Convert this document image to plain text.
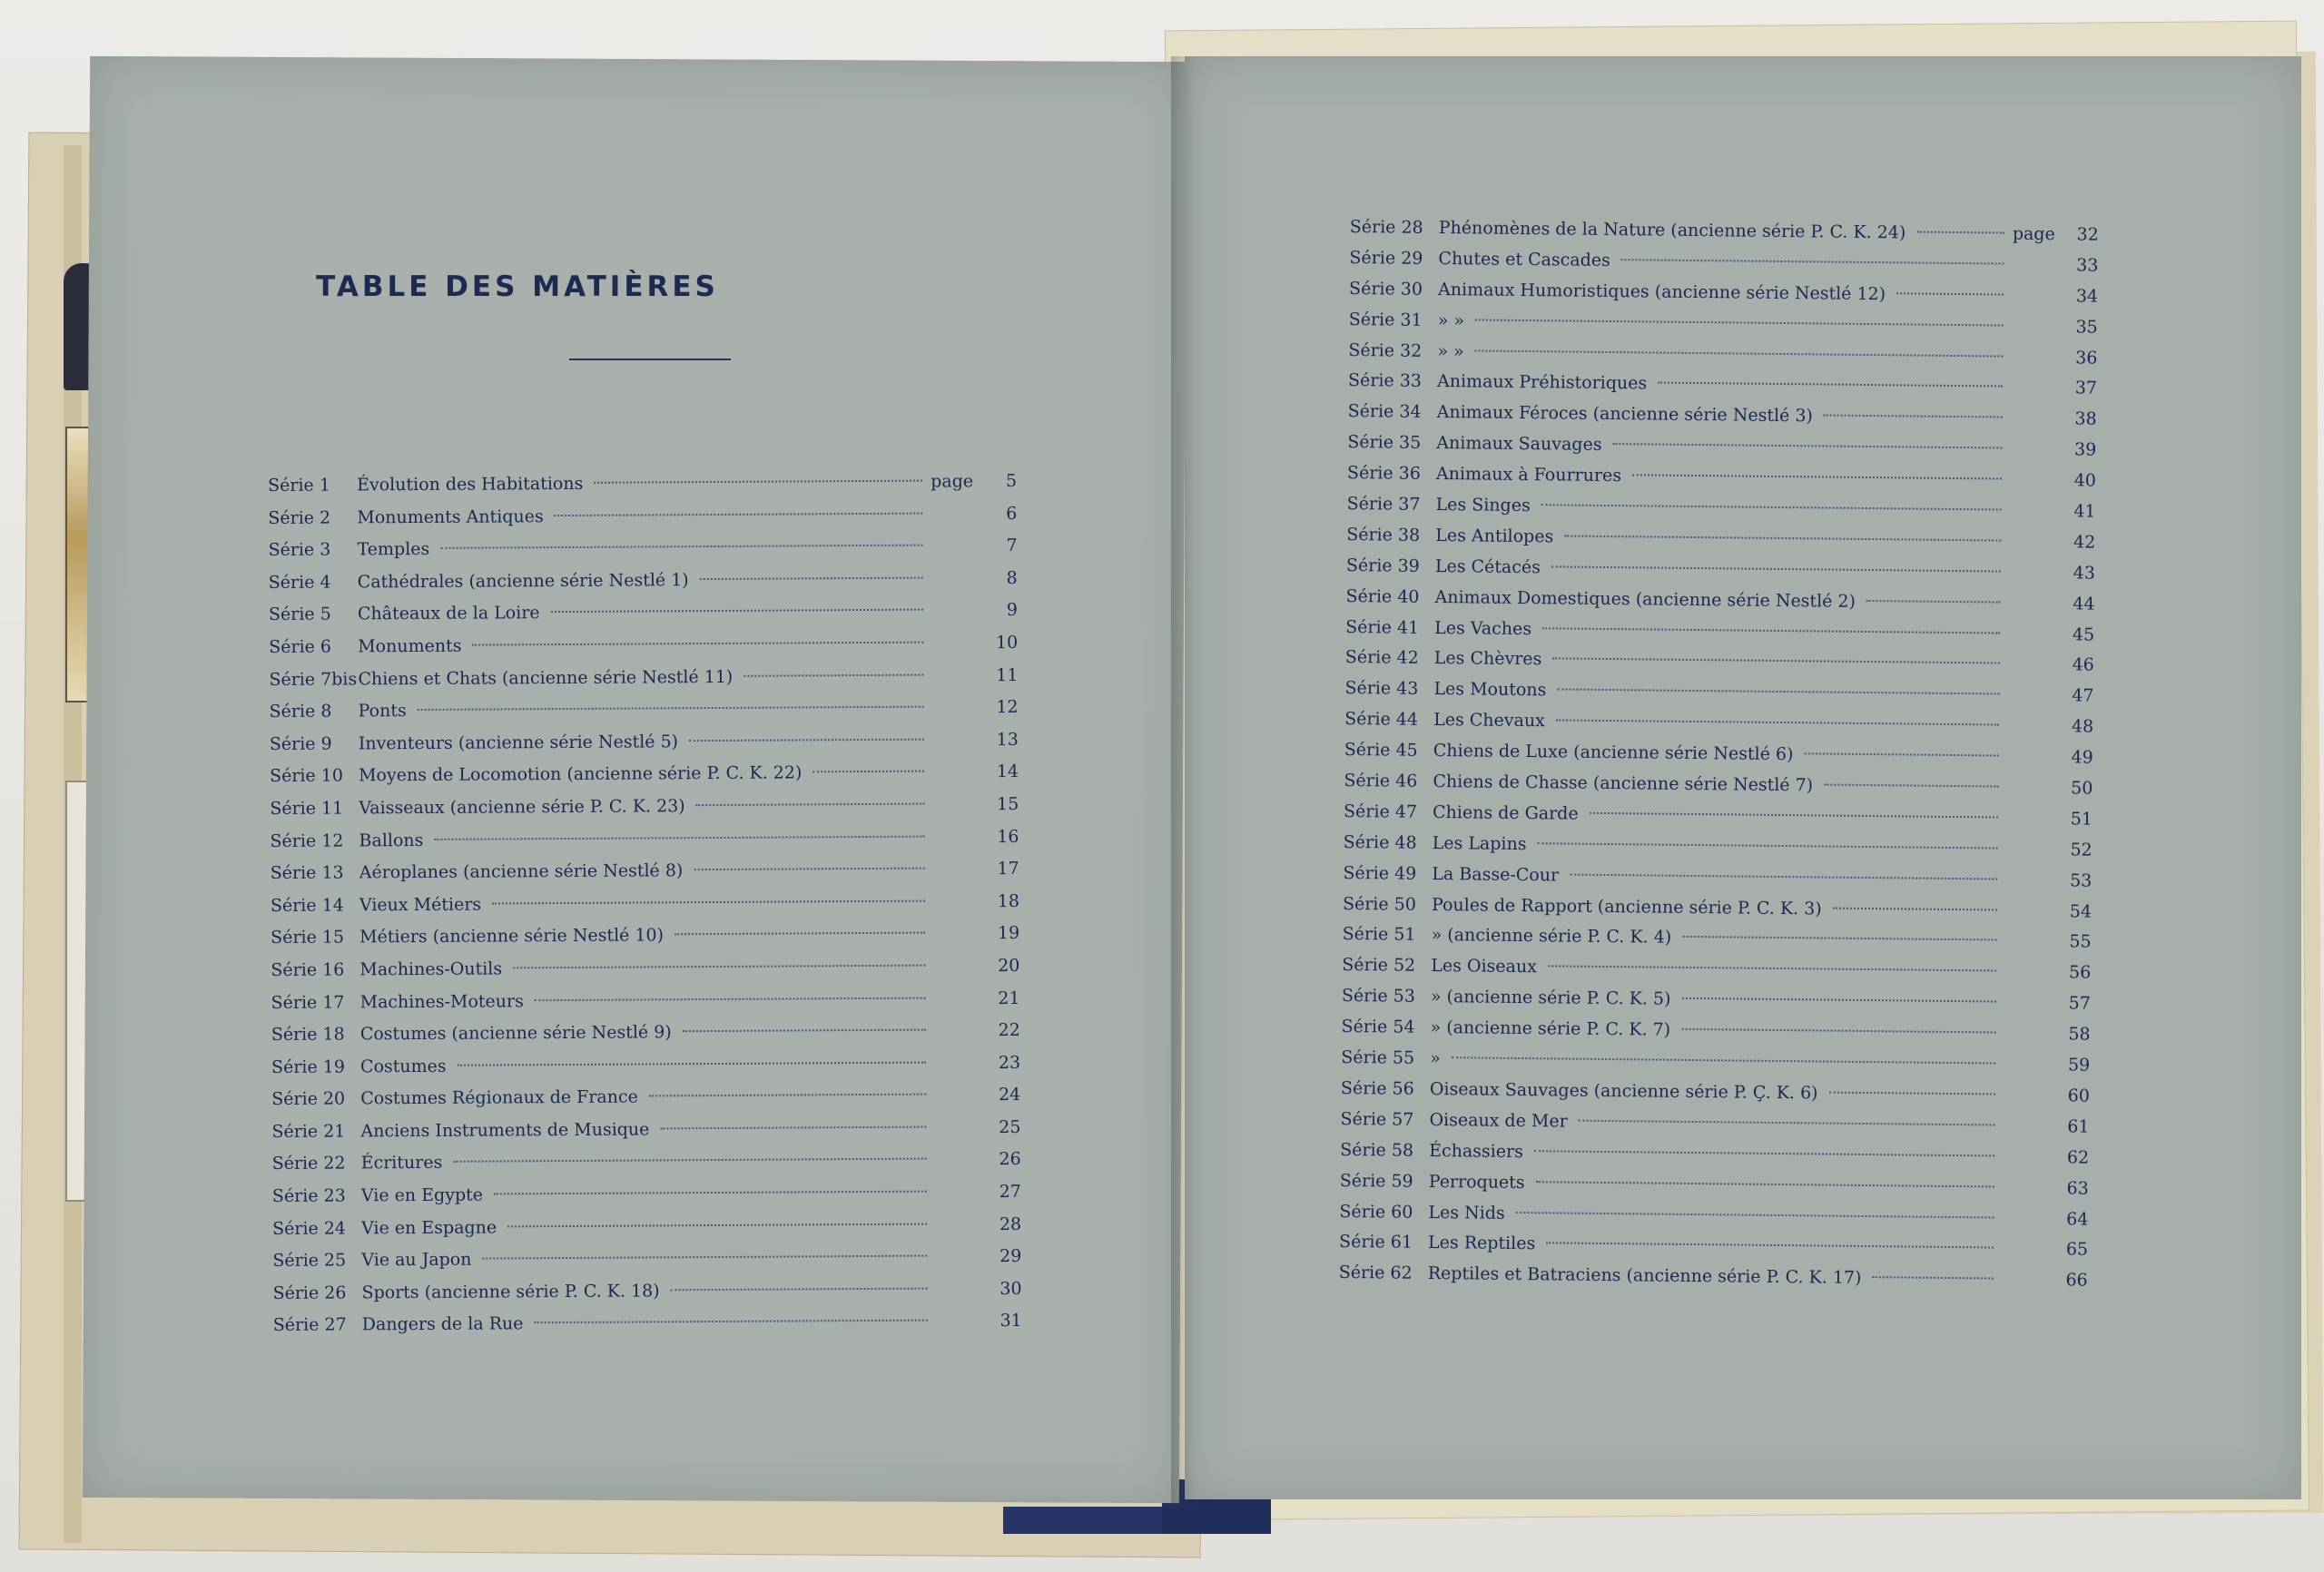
TABLE DES MATIÈRES
Série 1	Évolution des Habitations	page	5
Série 2	Monuments Antiques	6
Série 3	Temples	7
Série 4	Cathédrales (ancienne série Nestlé 1)	8
Série 5	Châteaux de la Loire	9
Série 6	Monuments	10
Série 7bis Chiens et Chats (ancienne série Nestlé 11)	11
Série 8	Ponts	12
Série 9	Inventeurs (ancienne série Nestlé 5)	13
Série 10 Moyens de Locomotion (ancienne série P. C. K. 22)	14
Série 11 Vaisseaux (ancienne série P. C. K. 23)	15
Série 12 Ballons	16
Série 13 Aéroplanes (ancienne série Nestlé 8)	17
Série 14 Vieux Métiers	18
Série 15 Métiers (ancienne série Nestlé 10)	19
Série 16 Machines-Outils	20
Série 17 Machines-Moteurs	21
Série 18 Costumes (ancienne série Nestlé 9)	22
Série 19 Costumes	23
Série 20 Costumes Régionaux de France	24
Série 21 Anciens Instruments de Musique	25
Série 22 Écritures	26
Série 23 Vie en Egypte	27
Série 24 Vie en Espagne	28
Série 25 Vie au Japon	29
Série 26 Sports (ancienne série P. C. K. 18)	30
Série 27 Dangers de la Rue	31
Série 28 Phénomènes de la Nature (ancienne série P. C. K. 24)	page	32
Série 29 Chutes et Cascades	33
Série 30 Animaux Humoristiques (ancienne série Nestlé 12)	34
Série 31 » »	35
Série 32 » »	36
Série 33 Animaux Préhistoriques	37
Série 34 Animaux Féroces (ancienne série Nestlé 3)	38
Série 35 Animaux Sauvages	39
Série 36 Animaux à Fourrures	40
Série 37 Les Singes	41
Série 38 Les Antilopes	42
Série 39 Les Cétacés	43
Série 40 Animaux Domestiques (ancienne série Nestlé 2)	44
Série 41 Les Vaches	45
Série 42 Les Chèvres	46
Série 43 Les Moutons	47
Série 44 Les Chevaux	48
Série 45 Chiens de Luxe (ancienne série Nestlé 6)	49
Série 46 Chiens de Chasse (ancienne série Nestlé 7)	50
Série 47 Chiens de Garde	51
Série 48 Les Lapins	52
Série 49 La Basse-Cour	53
Série 50 Poules de Rapport (ancienne série P. C. K. 3)	54
Série 51 » (ancienne série P. C. K. 4)	55
Série 52 Les Oiseaux	56
Série 53 » (ancienne série P. C. K. 5)	57
Série 54 » (ancienne série P. C. K. 7)	58
Série 55 »	59
Série 56 Oiseaux Sauvages (ancienne série P. Ç. K. 6)	60
Série 57 Oiseaux de Mer	61
Série 58 Échassiers	62
Série 59 Perroquets	63
Série 60 Les Nids	64
Série 61 Les Reptiles	65
Série 62 Reptiles et Batraciens (ancienne série P. C. K. 17)	66
